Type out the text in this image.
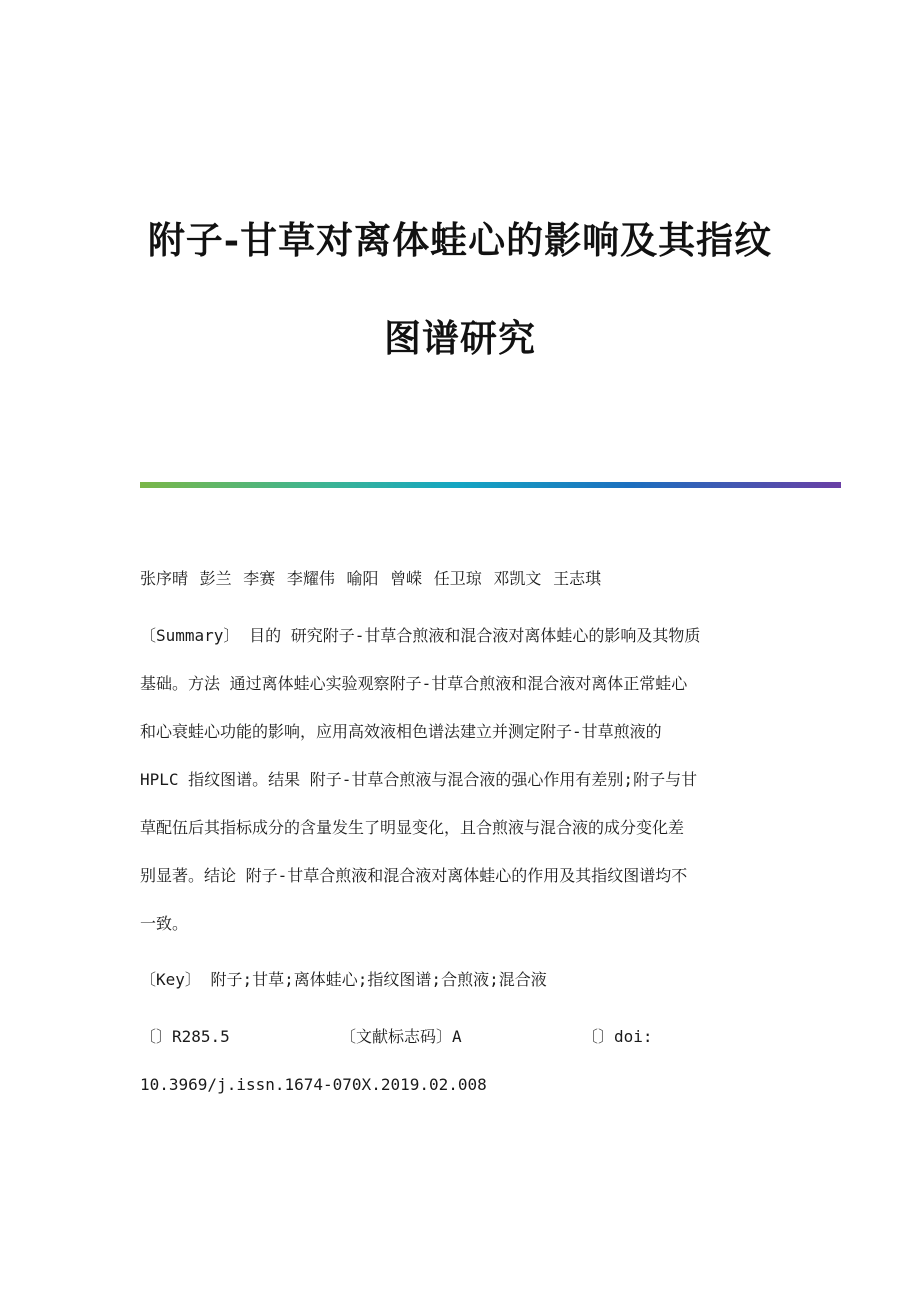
附子-甘草对离体蛙心的影响及其指纹
图谱研究
张序晴 彭兰 李赛 李耀伟 喻阳 曾嵘 任卫琼 邓凯文 王志琪
〔Summary〕 目的 研究附子-甘草合煎液和混合液对离体蛙心的影响及其物质
基础。方法 通过离体蛙心实验观察附子-甘草合煎液和混合液对离体正常蛙心
和心衰蛙心功能的影响，应用高效液相色谱法建立并测定附子-甘草煎液的
HPLC 指纹图谱。结果 附子-甘草合煎液与混合液的强心作用有差别;附子与甘
草配伍后其指标成分的含量发生了明显变化，且合煎液与混合液的成分变化差
别显著。结论 附子-甘草合煎液和混合液对离体蛙心的作用及其指纹图谱均不
一致。
〔Key〕 附子;甘草;离体蛙心;指纹图谱;合煎液;混合液
〔〕R285.5	〔文献标志码〕A	〔〕doi:
10.3969/j.issn.1674-070X.2019.02.008
